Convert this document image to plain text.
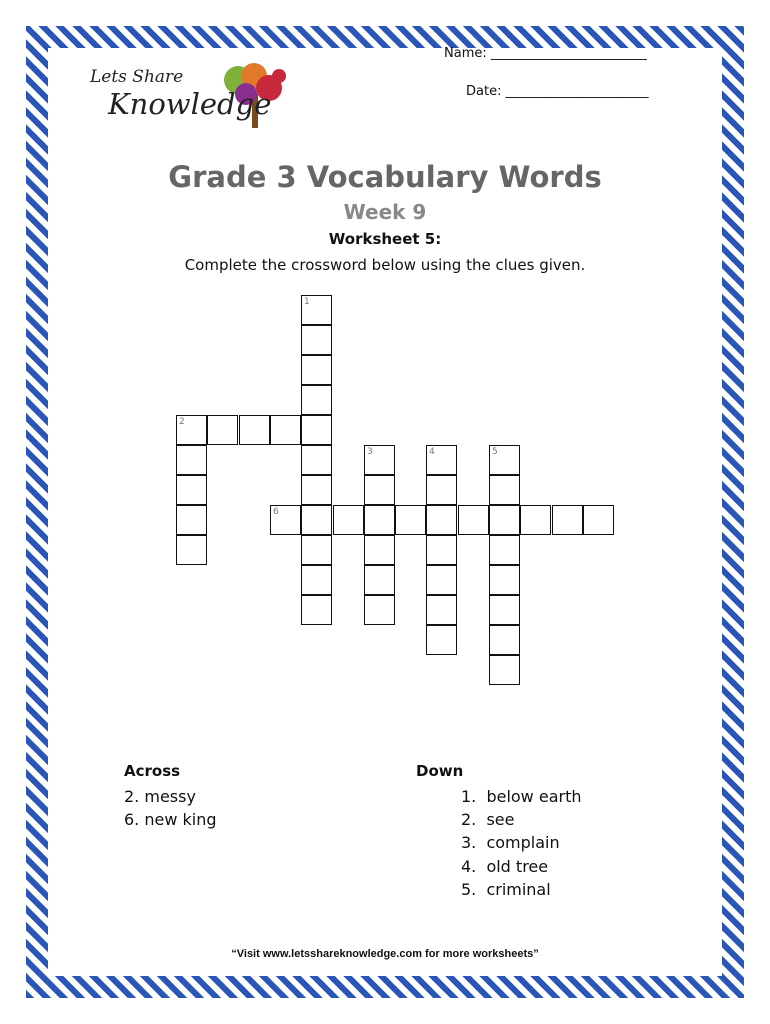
Name: ________________________
Date: ______________________
Lets Share
Knowledge
Grade 3 Vocabulary Words
Week 9
Worksheet 5:
Complete the crossword below using the clues given.
1
2
3	4	5
6
Across
2. messy
6. new king
Down
1.  below earth
2.  see
3.  complain
4.  old tree
5.  criminal
“Visit www.letsshareknowledge.com for more worksheets”
